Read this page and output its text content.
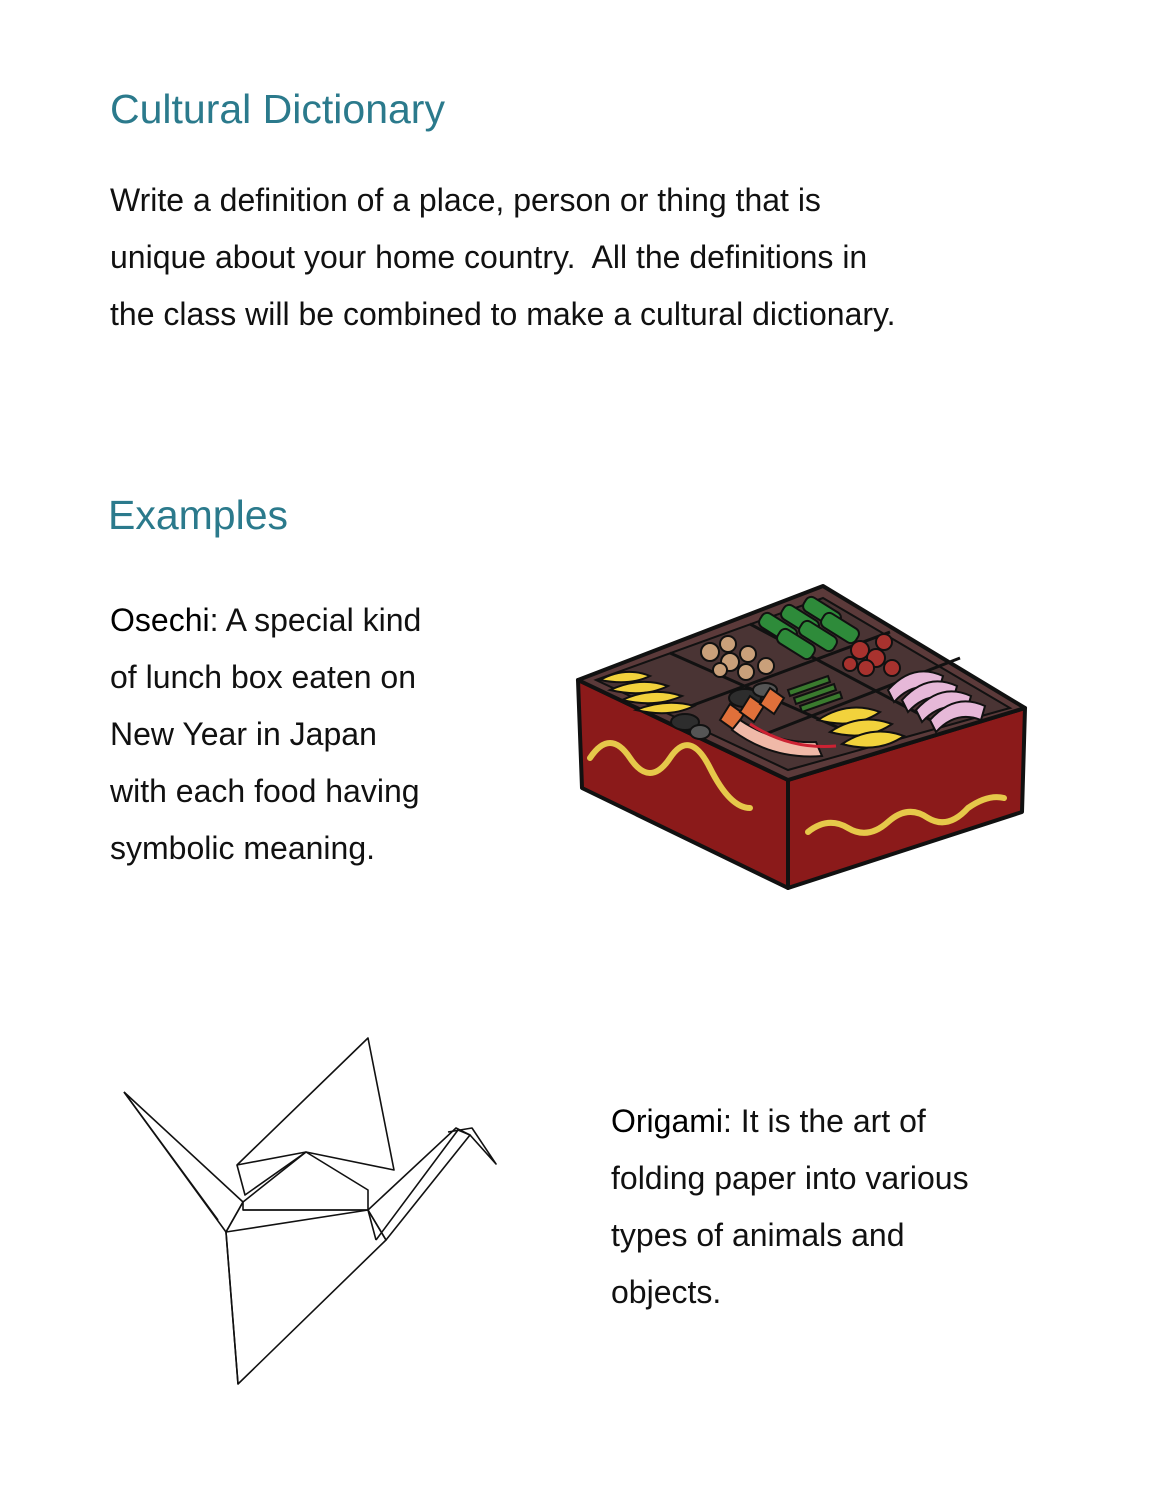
Cultural Dictionary
Write a definition of a place, person or thing that is
unique about your home country.  All the definitions in
the class will be combined to make a cultural dictionary.
Examples
Osechi: A special kind
of lunch box eaten on
New Year in Japan
with each food having
symbolic meaning.
Origami: It is the art of
folding paper into various
types of animals and
objects.
